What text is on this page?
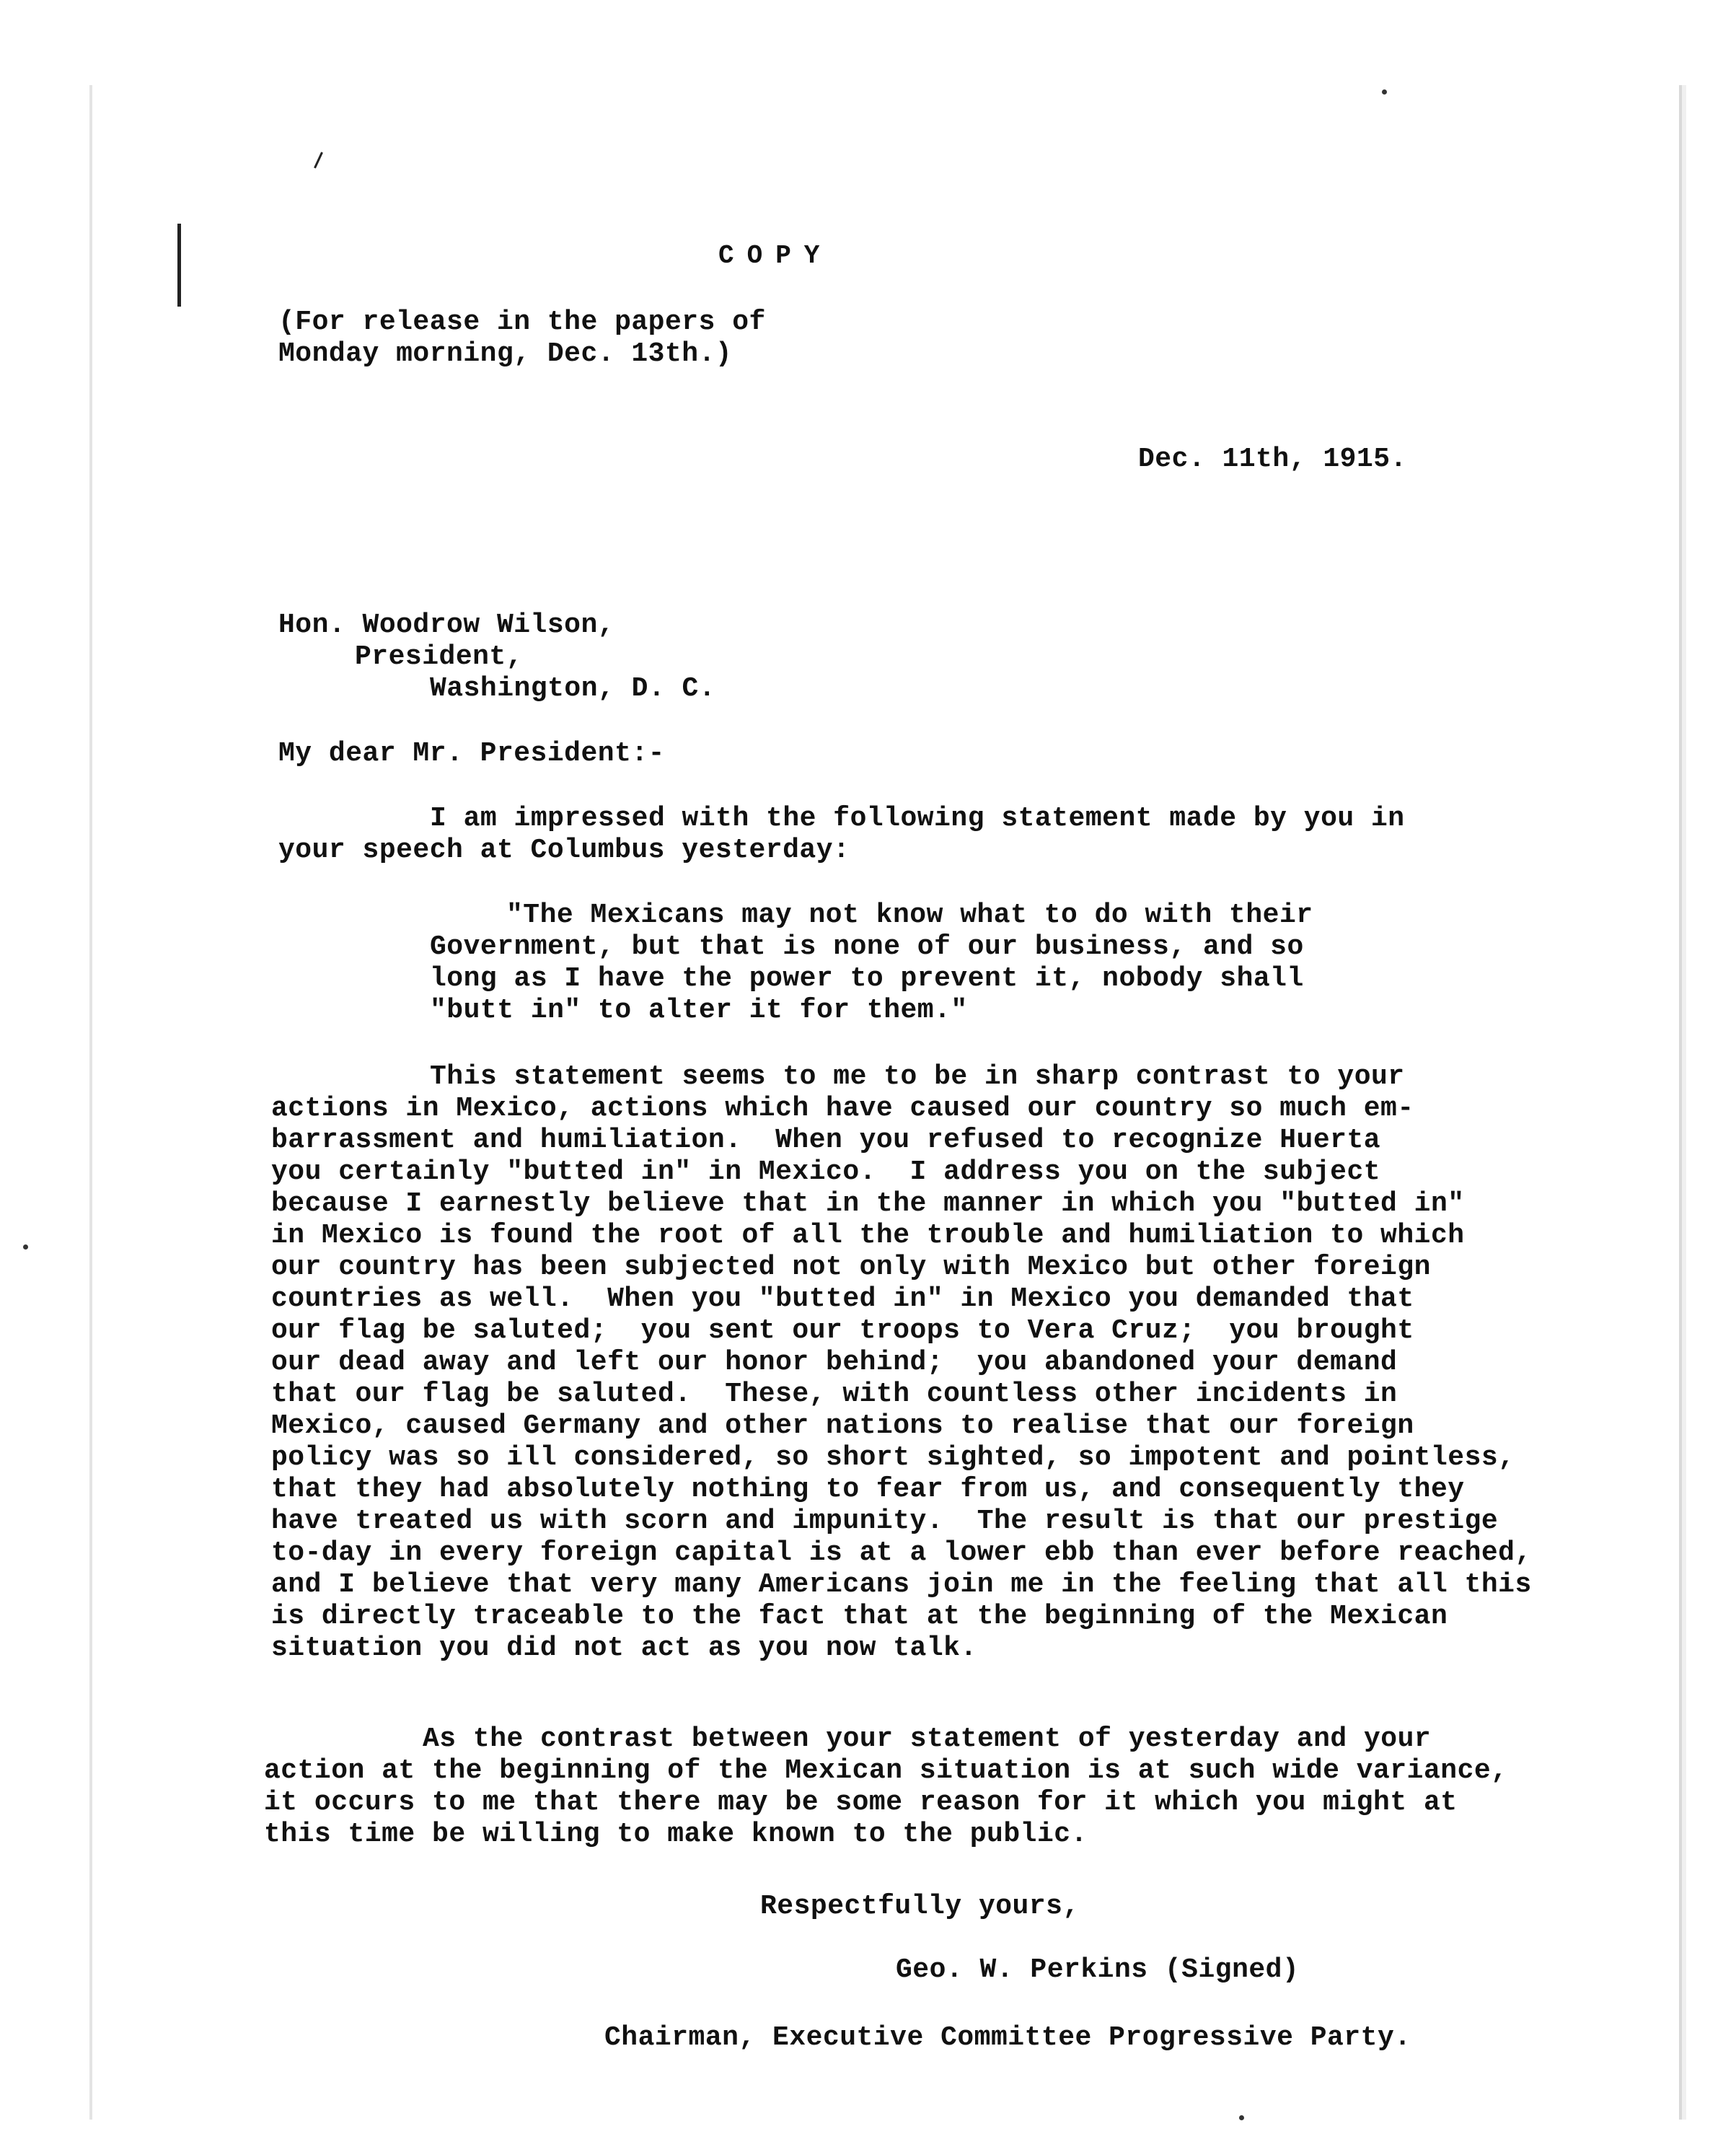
COPY
(For release in the papers of
Monday morning, Dec. 13th.)
Dec. 11th, 1915.
Hon. Woodrow Wilson,
President,
Washington, D. C.
My dear Mr. President:-
I am impressed with the following statement made by you in
your speech at Columbus yesterday:
"The Mexicans may not know what to do with their
Government, but that is none of our business, and so
long as I have the power to prevent it, nobody shall
"butt in" to alter it for them."
This statement seems to me to be in sharp contrast to your
actions in Mexico, actions which have caused our country so much em-
barrassment and humiliation.  When you refused to recognize Huerta
you certainly "butted in" in Mexico.  I address you on the subject
because I earnestly believe that in the manner in which you "butted in"
in Mexico is found the root of all the trouble and humiliation to which
our country has been subjected not only with Mexico but other foreign
countries as well.  When you "butted in" in Mexico you demanded that
our flag be saluted;  you sent our troops to Vera Cruz;  you brought
our dead away and left our honor behind;  you abandoned your demand
that our flag be saluted.  These, with countless other incidents in
Mexico, caused Germany and other nations to realise that our foreign
policy was so ill considered, so short sighted, so impotent and pointless,
that they had absolutely nothing to fear from us, and consequently they
have treated us with scorn and impunity.  The result is that our prestige
to-day in every foreign capital is at a lower ebb than ever before reached,
and I believe that very many Americans join me in the feeling that all this
is directly traceable to the fact that at the beginning of the Mexican
situation you did not act as you now talk.
As the contrast between your statement of yesterday and your
action at the beginning of the Mexican situation is at such wide variance,
it occurs to me that there may be some reason for it which you might at
this time be willing to make known to the public.
Respectfully yours,
Geo. W. Perkins (Signed)
Chairman, Executive Committee Progressive Party.
